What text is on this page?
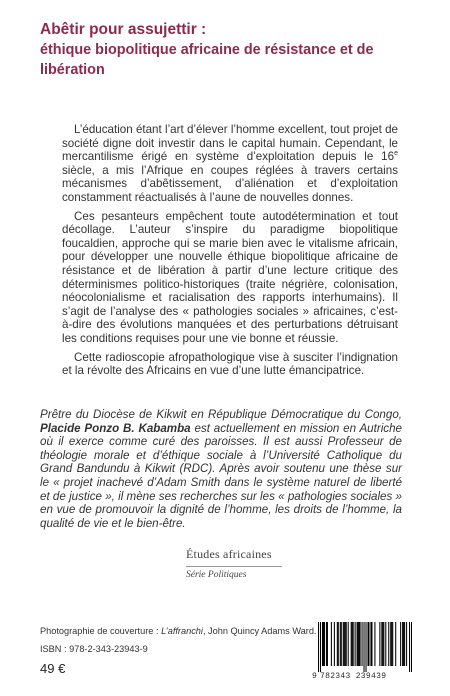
Abêtir pour assujettir :
éthique biopolitique africaine de résistance et de libération

L’éducation étant l’art d’élever l’homme excellent, tout projet de société digne doit investir dans le capital humain. Cependant, le mercantilisme érigé en système d’exploitation depuis le 16e siècle, a mis l’Afrique en coupes réglées à travers certains mécanismes d’abêtissement, d’aliénation et d’exploitation constamment réactualisés à l’aune de nouvelles donnes.

Ces pesanteurs empêchent toute autodétermination et tout décollage. L’auteur s’inspire du paradigme biopolitique foucaldien, approche qui se marie bien avec le vitalisme africain, pour développer une nouvelle éthique biopolitique africaine de résistance et de libération à partir d’une lecture critique des déterminismes politico-historiques (traite négrière, colonisation, néocolonialisme et racialisation des rapports interhumains). Il s’agit de l’analyse des « pathologies sociales » africaines, c’est-à-dire des évolutions manquées et des perturbations détruisant les conditions requises pour une vie bonne et réussie.

Cette radioscopie afropathologique vise à susciter l’indignation et la révolte des Africains en vue d’une lutte émancipatrice.

Prêtre du Diocèse de Kikwit en République Démocratique du Congo, Placide Ponzo B. Kabamba est actuellement en mission en Autriche où il exerce comme curé des paroisses. Il est aussi Professeur de théologie morale et d’éthique sociale à l’Université Catholique du Grand Bandundu à Kikwit (RDC). Après avoir soutenu une thèse sur le « projet inachevé d’Adam Smith dans le système naturel de liberté et de justice », il mène ses recherches sur les « pathologies sociales » en vue de promouvoir la dignité de l’homme, les droits de l’homme, la qualité de vie et le bien-être.

Études africaines
Série Politiques
Photographie de couverture : L’affranchi, John Quincy Adams Ward.
ISBN : 978-2-343-23943-9
49 €
9 782343 239439
